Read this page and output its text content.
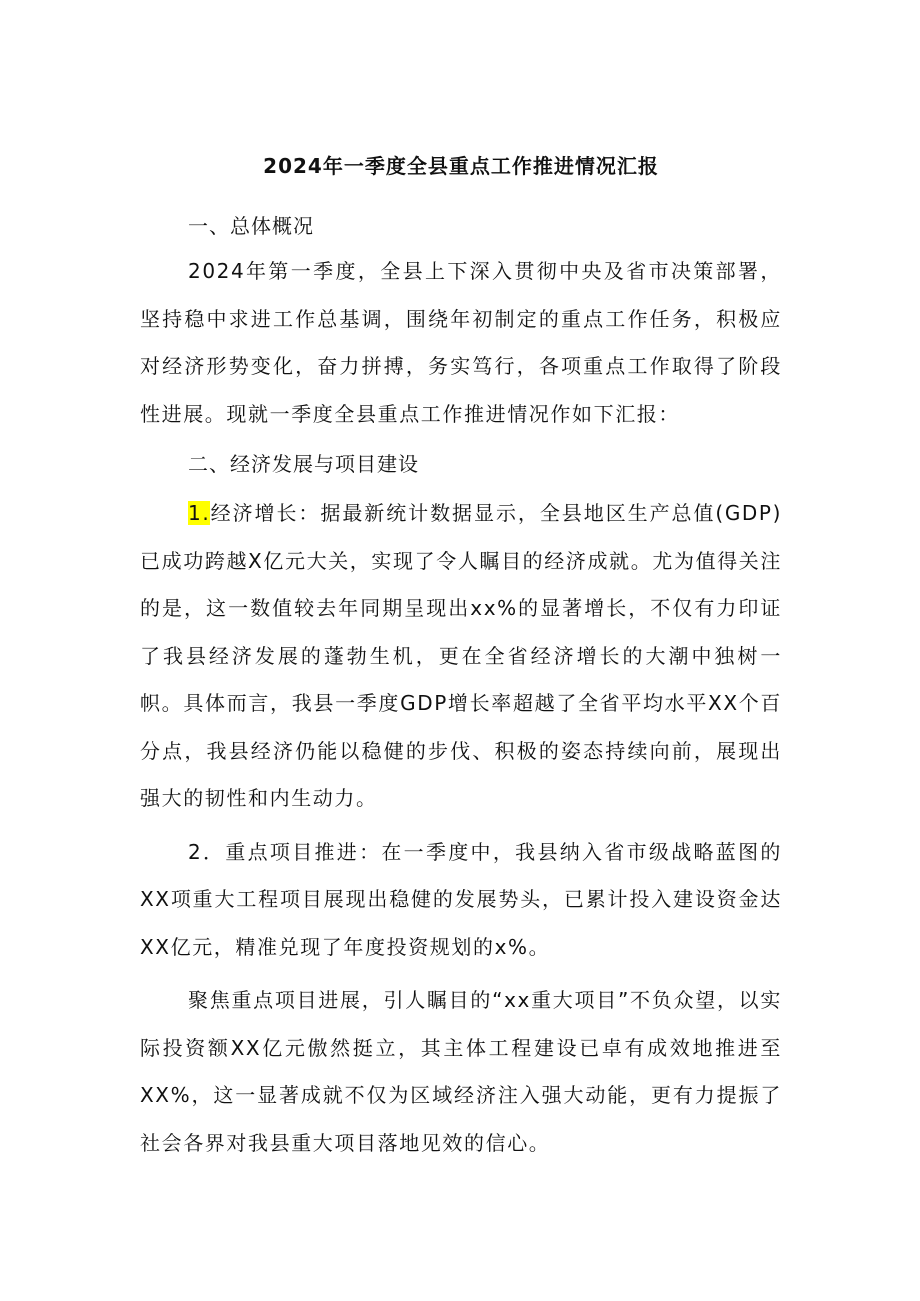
2024年一季度全县重点工作推进情况汇报

一、总体概况

2024年第一季度，全县上下深入贯彻中央及省市决策部署，坚持稳中求进工作总基调，围绕年初制定的重点工作任务，积极应对经济形势变化，奋力拼搏，务实笃行，各项重点工作取得了阶段性进展。现就一季度全县重点工作推进情况作如下汇报：

二、经济发展与项目建设

1.经济增长：据最新统计数据显示，全县地区生产总值(GDP)已成功跨越X亿元大关，实现了令人瞩目的经济成就。尤为值得关注的是，这一数值较去年同期呈现出xx%的显著增长，不仅有力印证了我县经济发展的蓬勃生机，更在全省经济增长的大潮中独树一帜。具体而言，我县一季度GDP增长率超越了全省平均水平XX个百分点，我县经济仍能以稳健的步伐、积极的姿态持续向前，展现出强大的韧性和内生动力。

2．重点项目推进：在一季度中，我县纳入省市级战略蓝图的XX项重大工程项目展现出稳健的发展势头，已累计投入建设资金达XX亿元，精准兑现了年度投资规划的x%。

聚焦重点项目进展，引人瞩目的“xx重大项目”不负众望，以实际投资额XX亿元傲然挺立，其主体工程建设已卓有成效地推进至XX%，这一显著成就不仅为区域经济注入强大动能，更有力提振了社会各界对我县重大项目落地见效的信心。
